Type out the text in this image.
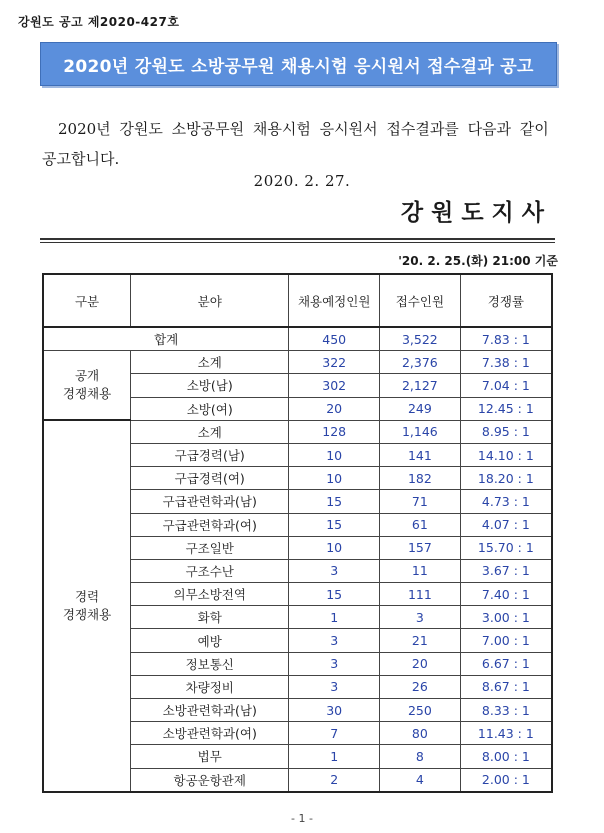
강원도 공고 제2020-427호
2020년 강원도 소방공무원 채용시험 응시원서 접수결과 공고
2020년 강원도 소방공무원 채용시험 응시원서 접수결과를 다음과 같이 공고합니다.
2020. 2. 27.
강원도지사
'20. 2. 25.(화) 21:00 기준
구분	분야	채용예정인원	접수인원	경쟁률
합계		450	3,522	7.83 : 1
공개
경쟁채용	소계	322	2,376	7.38 : 1
	소방(남)	302	2,127	7.04 : 1
	소방(여)	20	249	12.45 : 1
경력
경쟁채용	소계	128	1,146	8.95 : 1
	구급경력(남)	10	141	14.10 : 1
	구급경력(여)	10	182	18.20 : 1
	구급관련학과(남)	15	71	4.73 : 1
	구급관련학과(여)	15	61	4.07 : 1
	구조일반	10	157	15.70 : 1
	구조수난	3	11	3.67 : 1
	의무소방전역	15	111	7.40 : 1
	화학	1	3	3.00 : 1
	예방	3	21	7.00 : 1
	정보통신	3	20	6.67 : 1
	차량정비	3	26	8.67 : 1
	소방관련학과(남)	30	250	8.33 : 1
	소방관련학과(여)	7	80	11.43 : 1
	법무	1	8	8.00 : 1
	항공운항관제	2	4	2.00 : 1
- 1 -
